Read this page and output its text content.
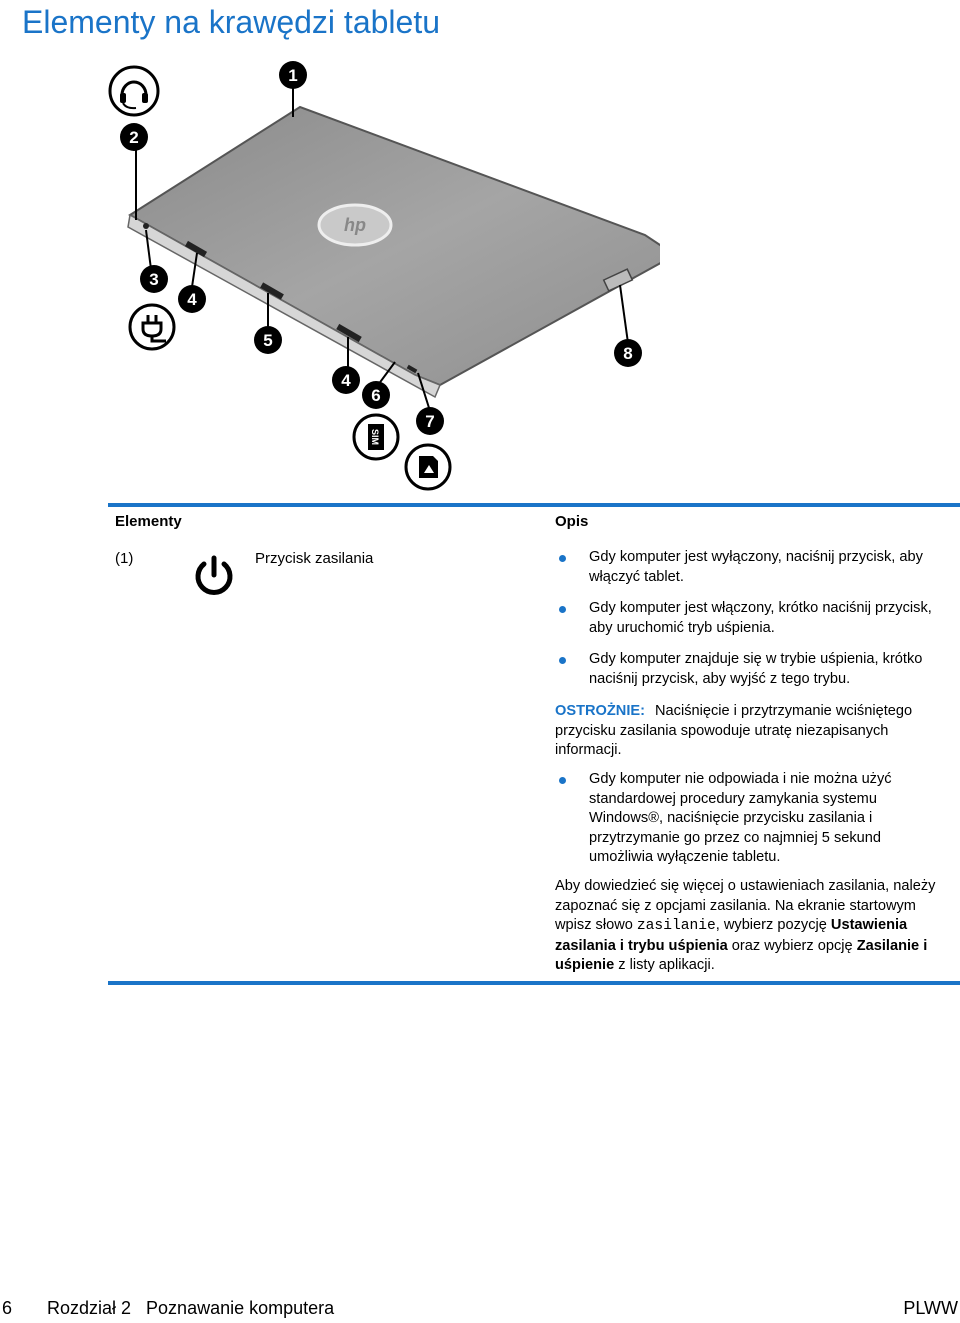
Elementy na krawędzi tabletu
hp
1
2
3
4
5
4
6
7
8
SIM
Elementy	Opis
(1)	Przycisk zasilania	Gdy komputer jest wyłączony, naciśnij przycisk, aby włączyć tablet.
Gdy komputer jest włączony, krótko naciśnij przycisk, aby uruchomić tryb uśpienia.
Gdy komputer znajduje się w trybie uśpienia, krótko naciśnij przycisk, aby wyjść z tego trybu.
OSTROŻNIE: Naciśnięcie i przytrzymanie wciśniętego przycisku zasilania spowoduje utratę niezapisanych informacji.
Gdy komputer nie odpowiada i nie można użyć standardowej procedury zamykania systemu Windows®, naciśnięcie przycisku zasilania i przytrzymanie go przez co najmniej 5 sekund umożliwia wyłączenie tabletu.
Aby dowiedzieć się więcej o ustawieniach zasilania, należy zapoznać się z opcjami zasilania. Na ekranie startowym wpisz słowo zasilanie, wybierz pozycję Ustawienia zasilania i trybu uśpienia oraz wybierz opcję Zasilanie i uśpienie z listy aplikacji.
6 Rozdział 2   Poznawanie komputera	PLWW
